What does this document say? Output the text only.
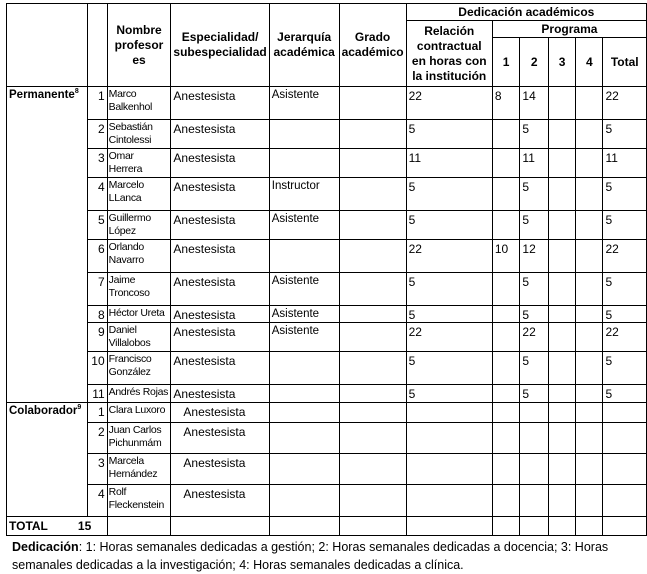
		Nombre profesor es	Especialidad/ subespecialidad	Jerarquía académica	Grado académico	Dedicación académicos					
						Relación contractual en horas con la institución	Programa				
							1	2	3	4	Total
Permanente$^8$	1	Marco Balkenhol	Anestesista	Asistente		22	8	14			22
	2	Sebastián Cintolessi	Anestesista			5		5			5
	3	Omar Herrera	Anestesista			11		11			11
	4	Marcelo LLanca	Anestesista	Instructor		5		5			5
	5	Guillermo López	Anestesista	Asistente		5		5			5
	6	Orlando Navarro	Anestesista			22	10	12			22
	7	Jaime Troncoso	Anestesista	Asistente		5		5			5
	8	Héctor Ureta	Anestesista	Asistente		5		5			5
	9	Daniel Villalobos	Anestesista	Asistente		22		22			22
	10	Francisco González	Anestesista			5		5			5
	11	Andrés Rojas	Anestesista			5		5			5
Colaborador$^9$	1	Clara Luxoro	Anestesista								
	2	Juan Carlos Pichunmám	Anestesista								
	3	Marcela Hernández	Anestesista								
	4	Rolf Fleckenstein	Anestesista								
TOTAL 15											
Dedicación: 1: Horas semanales dedicadas a gestión; 2: Horas semanales dedicadas a docencia; 3: Horas semanales dedicadas a la investigación; 4: Horas semanales dedicadas a clínica.
